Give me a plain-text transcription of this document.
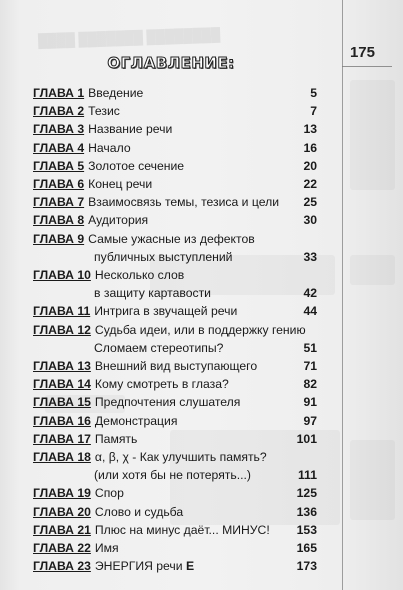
████ ███████ ████████
175
ОГЛАВЛЕНИЕ:
ГЛАВА 1 Введение	5
ГЛАВА 2 Тезис	7
ГЛАВА 3 Название речи	13
ГЛАВА 4 Начало	16
ГЛАВА 5 Золотое сечение	20
ГЛАВА 6 Конец речи	22
ГЛАВА 7 Взаимосвязь темы, тезиса и цели	25
ГЛАВА 8 Аудитория	30
ГЛАВА 9 Самые ужасные из дефектов
публичных выступлений	33
ГЛАВА 10 Несколько слов
в защиту картавости	42
ГЛАВА 11 Интрига в звучащей речи	44
ГЛАВА 12 Судьба идеи, или в поддержку гению
Сломаем стереотипы?	51
ГЛАВА 13 Внешний вид выступающего	71
ГЛАВА 14 Кому смотреть в глаза?	82
ГЛАВА 15 Предпочтения слушателя	91
ГЛАВА 16 Демонстрация	97
ГЛАВА 17 Память	101
ГЛАВА 18 α, β, χ - Как улучшить память?
(или хотя бы не потерять...)	111
ГЛАВА 19 Спор	125
ГЛАВА 20 Слово и судьба	136
ГЛАВА 21 Плюс на минус даёт... МИНУС!	153
ГЛАВА 22 Имя	165
ГЛАВА 23 ЭНЕРГИЯ речи Е	173
